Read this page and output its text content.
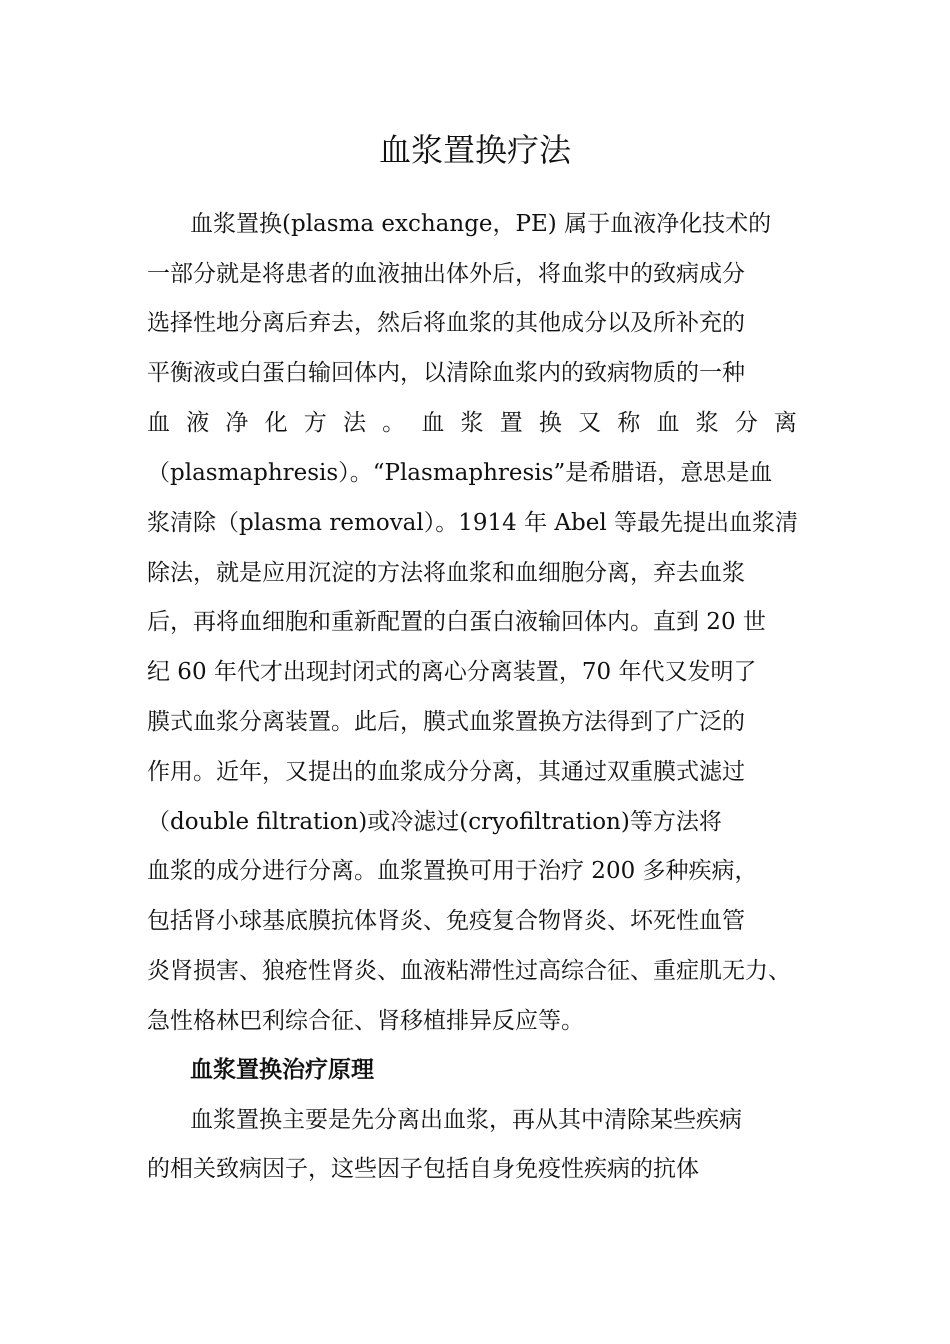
血浆置换疗法
血浆置换(plasma exchange，PE) 属于血液净化技术的
一部分就是将患者的血液抽出体外后，将血浆中的致病成分
选择性地分离后弃去，然后将血浆的其他成分以及所补充的
平衡液或白蛋白输回体内，以清除血浆内的致病物质的一种
血 液 净 化 方 法 。 血 浆 置 换 又 称 血 浆 分 离
（plasmaphresis）。“Plasmaphresis”是希腊语，意思是血
浆清除（plasma removal）。1914 年 Abel 等最先提出血浆清
除法，就是应用沉淀的方法将血浆和血细胞分离，弃去血浆
后，再将血细胞和重新配置的白蛋白液输回体内。直到 20 世
纪 60 年代才出现封闭式的离心分离装置，70 年代又发明了
膜式血浆分离装置。此后，膜式血浆置换方法得到了广泛的
作用。近年，又提出的血浆成分分离，其通过双重膜式滤过
（double filtration)或冷滤过(cryofiltration)等方法将
血浆的成分进行分离。血浆置换可用于治疗 200 多种疾病，
包括肾小球基底膜抗体肾炎、免疫复合物肾炎、坏死性血管
炎肾损害、狼疮性肾炎、血液粘滞性过高综合征、重症肌无力、
急性格林巴利综合征、肾移植排异反应等。
血浆置换治疗原理
血浆置换主要是先分离出血浆，再从其中清除某些疾病
的相关致病因子，这些因子包括自身免疫性疾病的抗体
